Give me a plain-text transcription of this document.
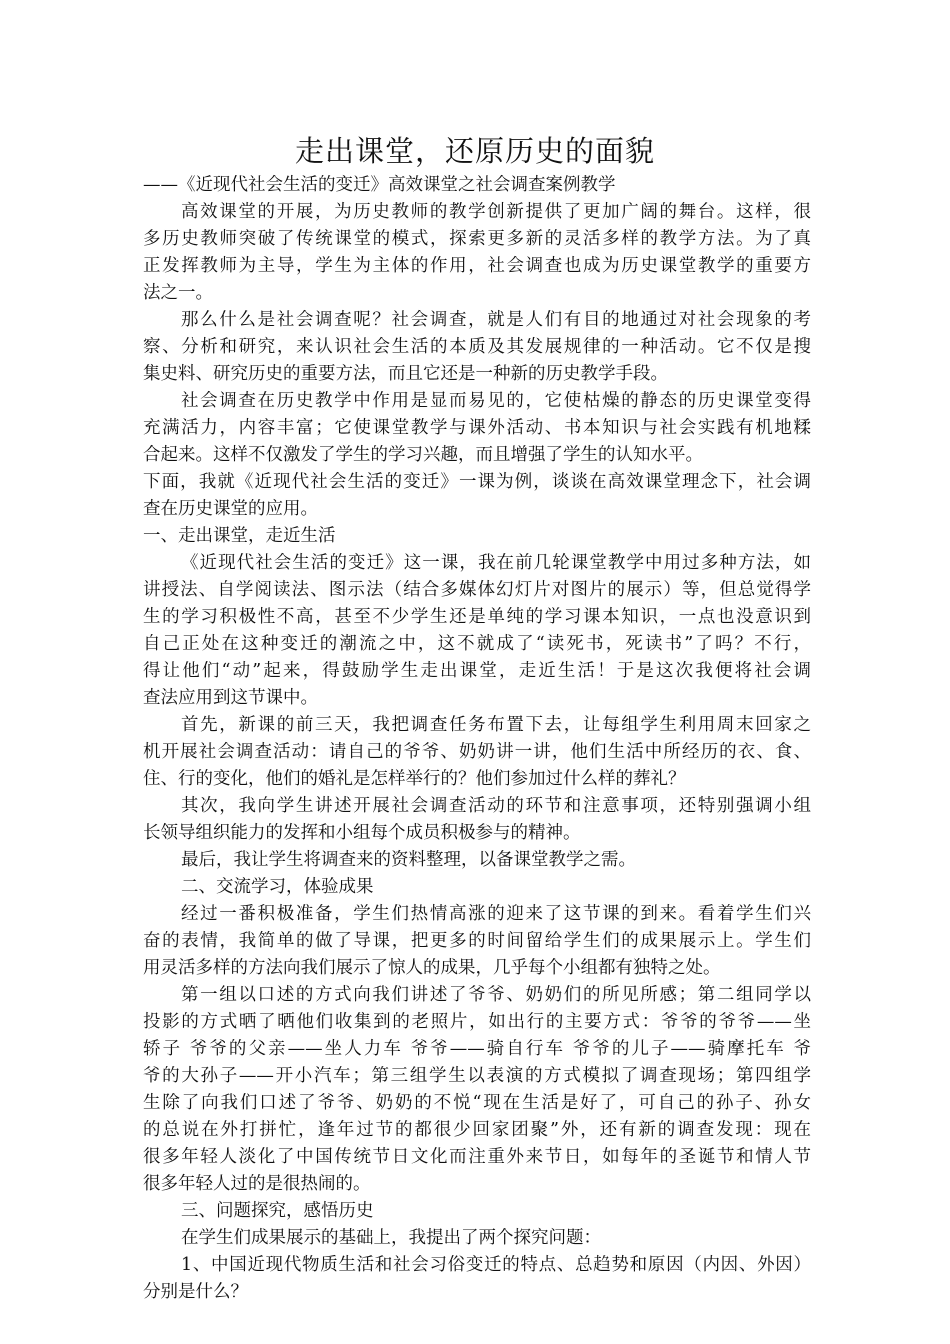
走出课堂，还原历史的面貌
——《近现代社会生活的变迁》高效课堂之社会调查案例教学
高效课堂的开展，为历史教师的教学创新提供了更加广阔的舞台。这样，很
多历史教师突破了传统课堂的模式，探索更多新的灵活多样的教学方法。为了真
正发挥教师为主导，学生为主体的作用，社会调查也成为历史课堂教学的重要方
法之一。
那么什么是社会调查呢？社会调查，就是人们有目的地通过对社会现象的考
察、分析和研究，来认识社会生活的本质及其发展规律的一种活动。它不仅是搜
集史料、研究历史的重要方法，而且它还是一种新的历史教学手段。
社会调查在历史教学中作用是显而易见的，它使枯燥的静态的历史课堂变得
充满活力，内容丰富；它使课堂教学与课外活动、书本知识与社会实践有机地糅
合起来。这样不仅激发了学生的学习兴趣，而且增强了学生的认知水平。
下面，我就《近现代社会生活的变迁》一课为例，谈谈在高效课堂理念下，社会调
查在历史课堂的应用。
一、走出课堂，走近生活
《近现代社会生活的变迁》这一课，我在前几轮课堂教学中用过多种方法，如
讲授法、自学阅读法、图示法（结合多媒体幻灯片对图片的展示）等，但总觉得学
生的学习积极性不高，甚至不少学生还是单纯的学习课本知识，一点也没意识到
自己正处在这种变迁的潮流之中，这不就成了“读死书，死读书”了吗？不行，
得让他们“动”起来，得鼓励学生走出课堂，走近生活！于是这次我便将社会调
查法应用到这节课中。
首先，新课的前三天，我把调查任务布置下去，让每组学生利用周末回家之
机开展社会调查活动：请自己的爷爷、奶奶讲一讲，他们生活中所经历的衣、食、
住、行的变化，他们的婚礼是怎样举行的？他们参加过什么样的葬礼？
其次，我向学生讲述开展社会调查活动的环节和注意事项，还特别强调小组
长领导组织能力的发挥和小组每个成员积极参与的精神。
最后，我让学生将调查来的资料整理，以备课堂教学之需。
二、交流学习，体验成果
经过一番积极准备，学生们热情高涨的迎来了这节课的到来。看着学生们兴
奋的表情，我简单的做了导课，把更多的时间留给学生们的成果展示上。学生们
用灵活多样的方法向我们展示了惊人的成果，几乎每个小组都有独特之处。
第一组以口述的方式向我们讲述了爷爷、奶奶们的所见所感；第二组同学以
投影的方式晒了晒他们收集到的老照片，如出行的主要方式：爷爷的爷爷——坐
轿子 爷爷的父亲——坐人力车 爷爷——骑自行车 爷爷的儿子——骑摩托车 爷
爷的大孙子——开小汽车；第三组学生以表演的方式模拟了调查现场；第四组学
生除了向我们口述了爷爷、奶奶的不悦“现在生活是好了，可自己的孙子、孙女
的总说在外打拼忙，逢年过节的都很少回家团聚”外，还有新的调查发现：现在
很多年轻人淡化了中国传统节日文化而注重外来节日，如每年的圣诞节和情人节
很多年轻人过的是很热闹的。
三、问题探究，感悟历史
在学生们成果展示的基础上，我提出了两个探究问题：
1、中国近现代物质生活和社会习俗变迁的特点、总趋势和原因（内因、外因）
分别是什么？
